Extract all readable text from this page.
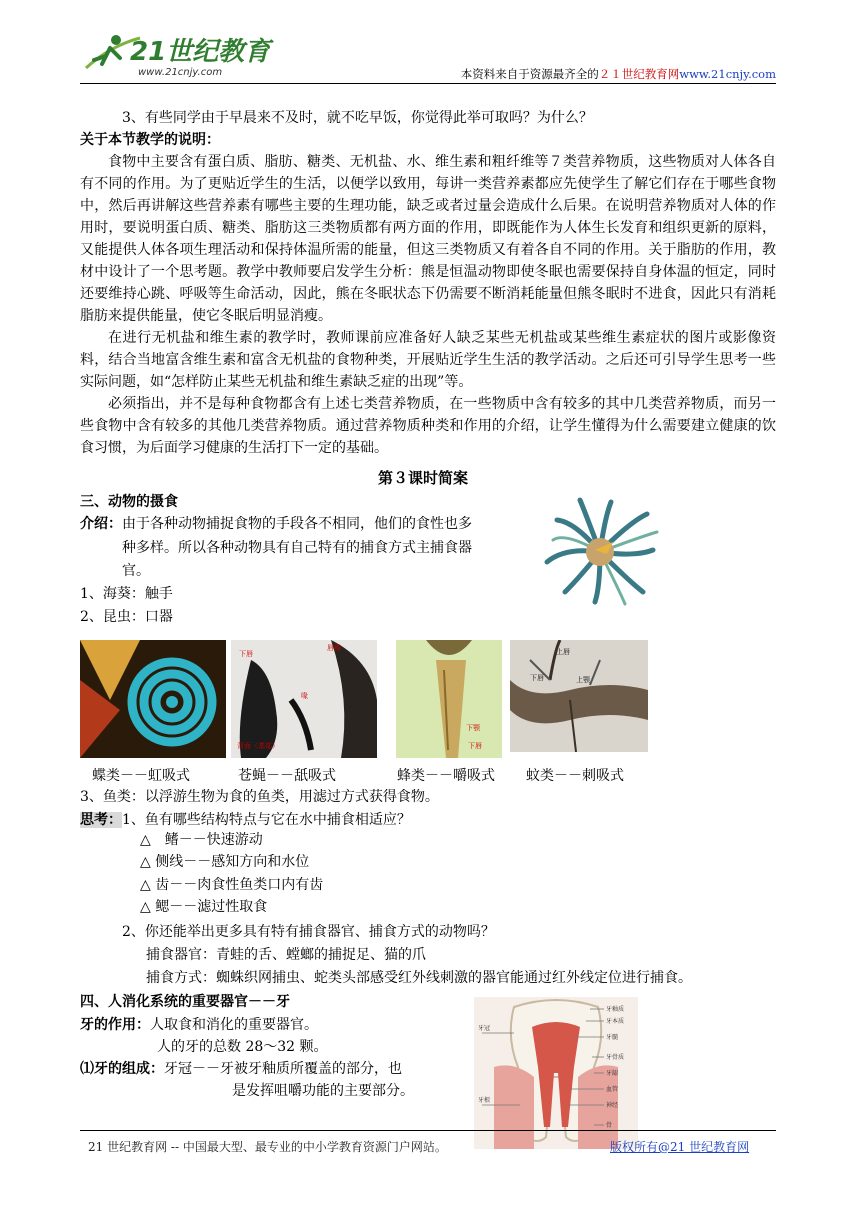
21世纪教育
www.21cnjy.com	本资料来自于资源最齐全的２１世纪教育网www.21cnjy.com
3、有些同学由于早晨来不及时，就不吃早饭，你觉得此举可取吗？为什么？
关于本节教学的说明：
食物中主要含有蛋白质、脂肪、糖类、无机盐、水、维生素和粗纤维等７类营养物质，这些物质对人体各自有不同的作用。为了更贴近学生的生活，以便学以致用，每讲一类营养素都应先使学生了解它们存在于哪些食物中，然后再讲解这些营养素有哪些主要的生理功能，缺乏或者过量会造成什么后果。在说明营养物质对人体的作用时，要说明蛋白质、糖类、脂肪这三类物质都有两方面的作用，即既能作为人体生长发育和组织更新的原料，又能提供人体各项生理活动和保持体温所需的能量，但这三类物质又有着各自不同的作用。关于脂肪的作用，教材中设计了一个思考题。教学中教师要启发学生分析：熊是恒温动物即使冬眠也需要保持自身体温的恒定，同时还要维持心跳、呼吸等生命活动，因此，熊在冬眠状态下仍需要不断消耗能量但熊冬眠时不进食，因此只有消耗脂肪来提供能量，使它冬眠后明显消瘦。
在进行无机盐和维生素的教学时，教师课前应准备好人缺乏某些无机盐或某些维生素症状的图片或影像资料，结合当地富含维生素和富含无机盐的食物种类，开展贴近学生生活的教学活动。之后还可引导学生思考一些实际问题，如“怎样防止某些无机盐和维生素缺乏症的出现”等。
必须指出，并不是每种食物都含有上述七类营养物质，在一些物质中含有较多的其中几类营养物质，而另一些食物中含有较多的其他几类营养物质。通过营养物质种类和作用的介绍，让学生懂得为什么需要建立健康的饮食习惯，为后面学习健康的生活打下一定的基础。
第３课时简案
三、动物的摄食
介绍：由于各种动物捕捉食物的手段各不相同，他们的食性也多
种多样。所以各种动物具有自己特有的捕食方式主捕食器
官。
1、海葵：触手
2、昆虫：口器
下唇
唇瓣
喙
背面（基部）
下颚
下唇
上唇
下唇	上颚
蝶类－－虹吸式	苍蝇－－舐吸式	蜂类－－嚼吸式 蚊类－－刺吸式
3、鱼类：以浮游生物为食的鱼类，用滤过方式获得食物。
思考：1、鱼有哪些结构特点与它在水中捕食相适应？
△　鳍－－快速游动
△ 侧线－－感知方向和水位
△ 齿－－肉食性鱼类口内有齿
△ 鳃－－滤过性取食
2、你还能举出更多具有特有捕食器官、捕食方式的动物吗？
捕食器官：青蛙的舌、螳螂的捕捉足、猫的爪
捕食方式：蜘蛛织网捕虫、蛇类头部感受红外线刺激的器官能通过红外线定位进行捕食。
四、人消化系统的重要器官－－牙
牙的作用：人取食和消化的重要器官。
人的牙的总数 28～32 颗。
⑴牙的组成：牙冠－－牙被牙釉质所覆盖的部分，也
是发挥咀嚼功能的主要部分。
牙釉质
牙本质
牙髓
牙骨质
牙龈
血管
神经
骨
牙冠
牙根
21 世纪教育网 -- 中国最大型、最专业的中小学教育资源门户网站。	版权所有@21 世纪教育网
